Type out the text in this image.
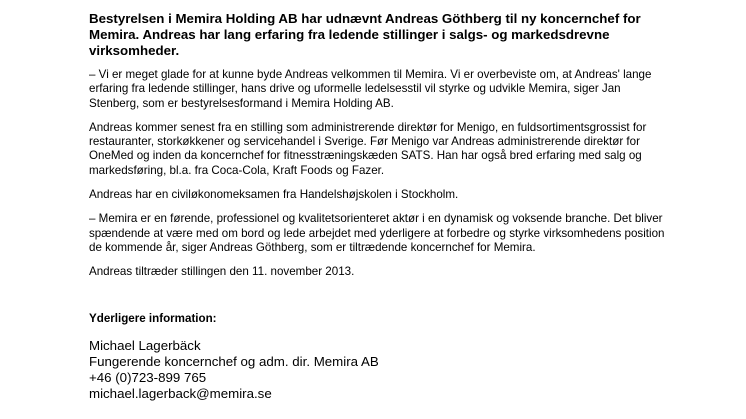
Bestyrelsen i Memira Holding AB har udnævnt Andreas Göthberg til ny koncernchef for Memira. Andreas har lang erfaring fra ledende stillinger i salgs- og markedsdrevne virksomheder.

– Vi er meget glade for at kunne byde Andreas velkommen til Memira. Vi er overbeviste om, at Andreas' lange erfaring fra ledende stillinger, hans drive og uformelle ledelsesstil vil styrke og udvikle Memira, siger Jan Stenberg, som er bestyrelsesformand i Memira Holding AB.

Andreas kommer senest fra en stilling som administrerende direktør for Menigo, en fuldsortimentsgrossist for restauranter, storkøkkener og servicehandel i Sverige. Før Menigo var Andreas administrerende direktør for OneMed og inden da koncernchef for fitnesstræningskæden SATS. Han har også bred erfaring med salg og markedsføring, bl.a. fra Coca-Cola, Kraft Foods og Fazer.

Andreas har en civiløkonomeksamen fra Handelshøjskolen i Stockholm.

– Memira er en førende, professionel og kvalitetsorienteret aktør i en dynamisk og voksende branche. Det bliver spændende at være med om bord og lede arbejdet med yderligere at forbedre og styrke virksomhedens position de kommende år, siger Andreas Göthberg, som er tiltrædende koncernchef for Memira.

Andreas tiltræder stillingen den 11. november 2013.

Yderligere information:

Michael Lagerbäck

Fungerende koncernchef og adm. dir. Memira AB

+46 (0)723-899 765

michael.lagerback@memira.se
